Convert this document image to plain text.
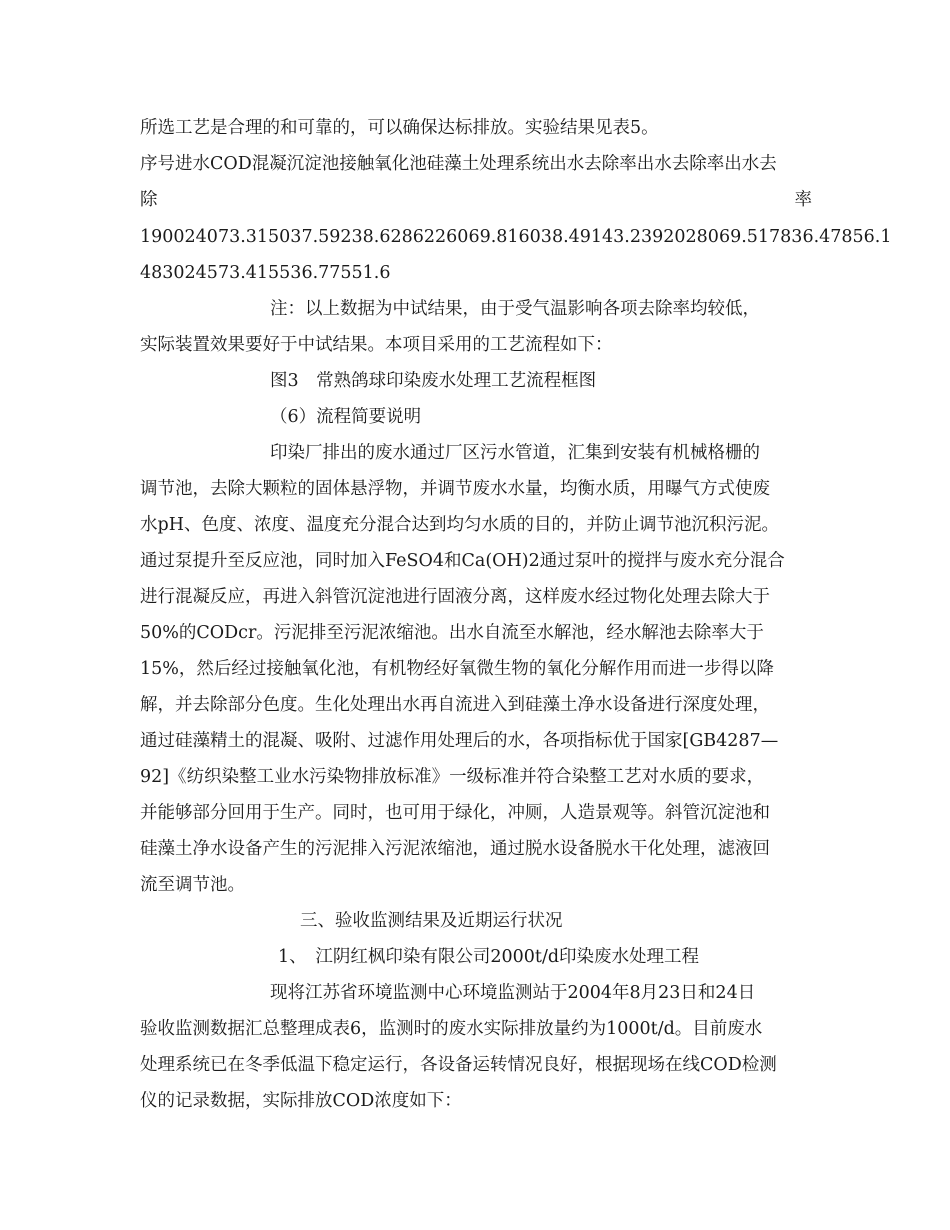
所选工艺是合理的和可靠的，可以确保达标排放。实验结果见表5。
序号进水COD混凝沉淀池接触氧化池硅藻土处理系统出水去除率出水去除率出水去
除	率
190024073.315037.59238.6286226069.816038.49143.2392028069.517836.47856.1
483024573.415536.77551.6
注：以上数据为中试结果，由于受气温影响各项去除率均较低，
实际装置效果要好于中试结果。本项目采用的工艺流程如下：
图3　常熟鸽球印染废水处理工艺流程框图
（6）流程简要说明
印染厂排出的废水通过厂区污水管道，汇集到安装有机械格栅的
调节池，去除大颗粒的固体悬浮物，并调节废水水量，均衡水质，用曝气方式使废
水pH、色度、浓度、温度充分混合达到均匀水质的目的，并防止调节池沉积污泥。
通过泵提升至反应池，同时加入FeSO4和Ca(OH)2通过泵叶的搅拌与废水充分混合
进行混凝反应，再进入斜管沉淀池进行固液分离，这样废水经过物化处理去除大于
50%的CODcr。污泥排至污泥浓缩池。出水自流至水解池，经水解池去除率大于
15%，然后经过接触氧化池，有机物经好氧微生物的氧化分解作用而进一步得以降
解，并去除部分色度。生化处理出水再自流进入到硅藻土净水设备进行深度处理，
通过硅藻精土的混凝、吸附、过滤作用处理后的水，各项指标优于国家[GB4287—
92]《纺织染整工业水污染物排放标准》一级标准并符合染整工艺对水质的要求，
并能够部分回用于生产。同时，也可用于绿化，冲厕，人造景观等。斜管沉淀池和
硅藻土净水设备产生的污泥排入污泥浓缩池，通过脱水设备脱水干化处理，滤液回
流至调节池。
三、验收监测结果及近期运行状况
1、　江阴红枫印染有限公司2000t/d印染废水处理工程
现将江苏省环境监测中心环境监测站于2004年8月23日和24日
验收监测数据汇总整理成表6，监测时的废水实际排放量约为1000t/d。目前废水
处理系统已在冬季低温下稳定运行，各设备运转情况良好，根据现场在线COD检测
仪的记录数据，实际排放COD浓度如下：
